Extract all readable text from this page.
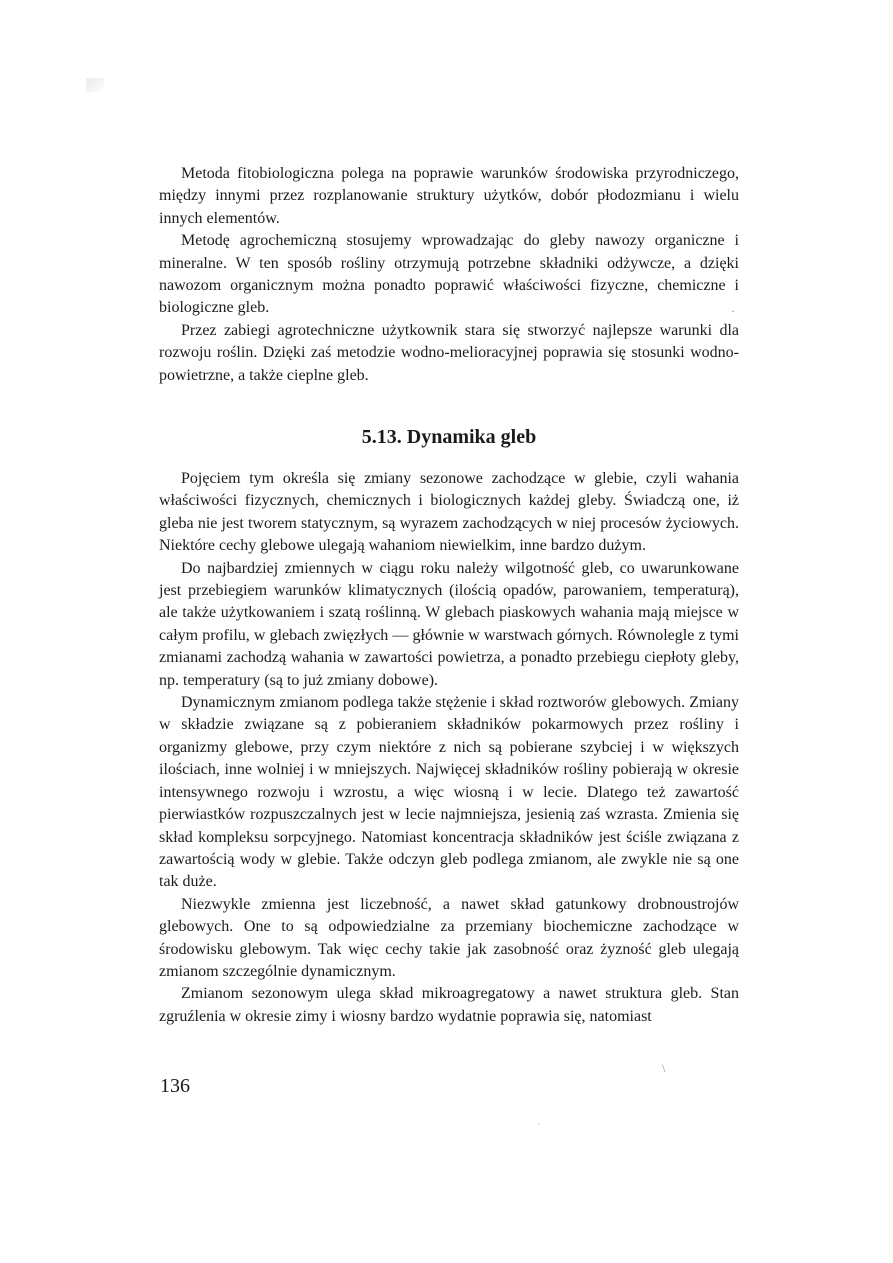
·
\
·

Metoda fitobiologiczna polega na poprawie warunków środowiska przyrodniczego, między innymi przez rozplanowanie struktury użytków, dobór płodozmianu i wielu innych elementów.

Metodę agrochemiczną stosujemy wprowadzając do gleby nawozy organiczne i mineralne. W ten sposób rośliny otrzymują potrzebne składniki odżywcze, a dzięki nawozom organicznym można ponadto poprawić właściwości fizyczne, chemiczne i biologiczne gleb.

Przez zabiegi agrotechniczne użytkownik stara się stworzyć najlepsze warunki dla rozwoju roślin. Dzięki zaś metodzie wodno-melioracyjnej poprawia się stosunki wodno-powietrzne, a także cieplne gleb.

5.13. Dynamika gleb

Pojęciem tym określa się zmiany sezonowe zachodzące w glebie, czyli wahania właściwości fizycznych, chemicznych i biologicznych każdej gleby. Świadczą one, iż gleba nie jest tworem statycznym, są wyrazem zachodzących w niej procesów życiowych. Niektóre cechy glebowe ulegają wahaniom niewielkim, inne bardzo dużym.

Do najbardziej zmiennych w ciągu roku należy wilgotność gleb, co uwarunkowane jest przebiegiem warunków klimatycznych (ilością opadów, parowaniem, temperaturą), ale także użytkowaniem i szatą roślinną. W glebach piaskowych wahania mają miejsce w całym profilu, w glebach zwięzłych — głównie w warstwach górnych. Równolegle z tymi zmianami zachodzą wahania w zawartości powietrza, a ponadto przebiegu ciepłoty gleby, np. temperatury (są to już zmiany dobowe).

Dynamicznym zmianom podlega także stężenie i skład roztworów glebowych. Zmiany w składzie związane są z pobieraniem składników pokarmowych przez rośliny i organizmy glebowe, przy czym niektóre z nich są pobierane szybciej i w większych ilościach, inne wolniej i w mniejszych. Najwięcej składników rośliny pobierają w okresie intensywnego rozwoju i wzrostu, a więc wiosną i w lecie. Dlatego też zawartość pierwiastków rozpuszczalnych jest w lecie najmniejsza, jesienią zaś wzrasta. Zmienia się skład kompleksu sorpcyjnego. Natomiast koncentracja składników jest ściśle związana z zawartością wody w glebie. Także odczyn gleb podlega zmianom, ale zwykle nie są one tak duże.

Niezwykle zmienna jest liczebność, a nawet skład gatunkowy drobnoustrojów glebowych. One to są odpowiedzialne za przemiany biochemiczne zachodzące w środowisku glebowym. Tak więc cechy takie jak zasobność oraz żyzność gleb ulegają zmianom szczególnie dynamicznym.

Zmianom sezonowym ulega skład mikroagregatowy a nawet struktura gleb. Stan zgruźlenia w okresie zimy i wiosny bardzo wydatnie poprawia się, natomiast

136
